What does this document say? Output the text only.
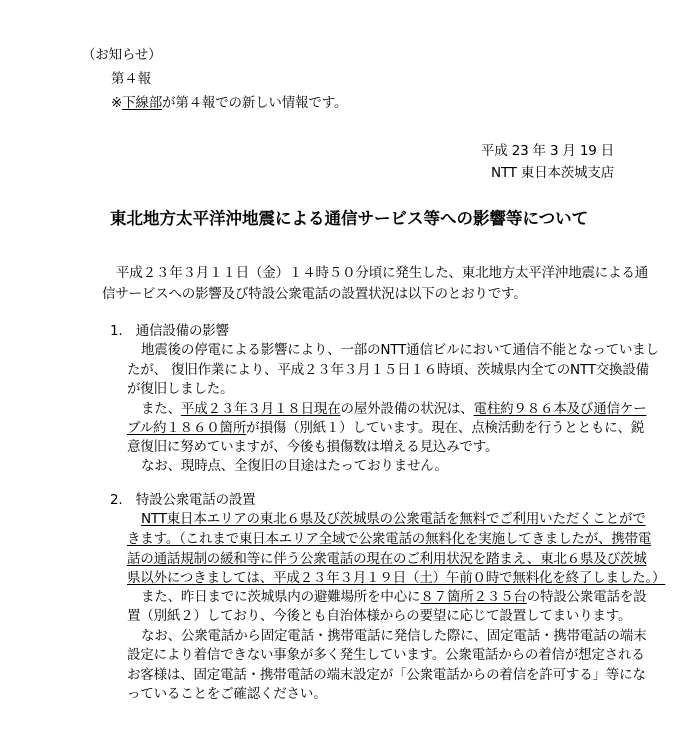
（お知らせ）
第４報
※下線部が第４報での新しい情報です。
平成 23 年 3 月 19 日
NTT 東日本茨城支店
東北地方太平洋沖地震による通信サービス等への影響等について
平成２３年３月１１日（金）１４時５０分頃に発生した、東北地方太平洋沖地震による通
信サービスへの影響及び特設公衆電話の設置状況は以下のとおりです。
1.　通信設備の影響
地震後の停電による影響により、一部のNTT通信ビルにおいて通信不能となっていまし
たが、 復旧作業により、平成２３年３月１５日１６時頃、茨城県内全てのNTT交換設備
が復旧しました。
また、平成２３年３月１８日現在の屋外設備の状況は、電柱約９８６本及び通信ケー
ブル約１８６０箇所が損傷（別紙１）しています。現在、点検活動を行うとともに、鋭
意復旧に努めていますが、今後も損傷数は増える見込みです。
なお、現時点、全復旧の目途はたっておりません。
2.　特設公衆電話の設置
NTT東日本エリアの東北６県及び茨城県の公衆電話を無料でご利用いただくことがで
きます。（これまで東日本エリア全域で公衆電話の無料化を実施してきましたが、携帯電
話の通話規制の緩和等に伴う公衆電話の現在のご利用状況を踏まえ、東北６県及び茨城
県以外につきましては、平成２３年３月１９日（土）午前０時で無料化を終了しました。）
また、昨日までに茨城県内の避難場所を中心に８７箇所２３５台の特設公衆電話を設
置（別紙２）しており、今後とも自治体様からの要望に応じて設置してまいります。
なお、公衆電話から固定電話・携帯電話に発信した際に、固定電話・携帯電話の端末
設定により着信できない事象が多く発生しています。公衆電話からの着信が想定される
お客様は、固定電話・携帯電話の端末設定が「公衆電話からの着信を許可する」等にな
っていることをご確認ください。
